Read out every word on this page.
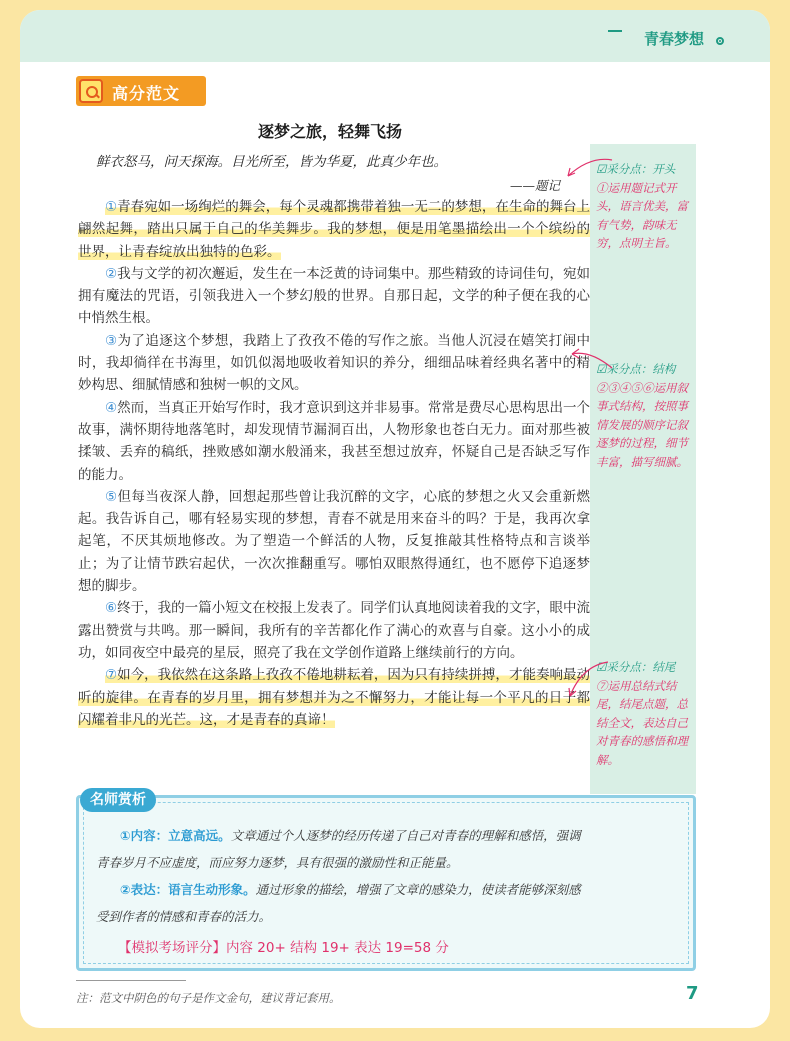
青春梦想
高分范文
逐梦之旅，轻舞飞扬
鲜衣怒马，问天探海。目光所至，皆为华夏，此真少年也。
——题记

①青春宛如一场绚烂的舞会，每个灵魂都携带着独一无二的梦想，在生命的舞台上翩然起舞，踏出只属于自己的华美舞步。我的梦想，便是用笔墨描绘出一个个缤纷的世界，让青春绽放出独特的色彩。

②我与文学的初次邂逅，发生在一本泛黄的诗词集中。那些精致的诗词佳句，宛如拥有魔法的咒语，引领我进入一个梦幻般的世界。自那日起，文学的种子便在我的心中悄然生根。

③为了追逐这个梦想，我踏上了孜孜不倦的写作之旅。当他人沉浸在嬉笑打闹中时，我却徜徉在书海里，如饥似渴地吸收着知识的养分，细细品味着经典名著中的精妙构思、细腻情感和独树一帜的文风。

④然而，当真正开始写作时，我才意识到这并非易事。常常是费尽心思构思出一个故事，满怀期待地落笔时，却发现情节漏洞百出，人物形象也苍白无力。面对那些被揉皱、丢弃的稿纸，挫败感如潮水般涌来，我甚至想过放弃，怀疑自己是否缺乏写作的能力。

⑤但每当夜深人静，回想起那些曾让我沉醉的文字，心底的梦想之火又会重新燃起。我告诉自己，哪有轻易实现的梦想，青春不就是用来奋斗的吗？于是，我再次拿起笔，不厌其烦地修改。为了塑造一个鲜活的人物，反复推敲其性格特点和言谈举止；为了让情节跌宕起伏，一次次推翻重写。哪怕双眼熬得通红，也不愿停下追逐梦想的脚步。

⑥终于，我的一篇小短文在校报上发表了。同学们认真地阅读着我的文字，眼中流露出赞赏与共鸣。那一瞬间，我所有的辛苦都化作了满心的欢喜与自豪。这小小的成功，如同夜空中最亮的星辰，照亮了我在文学创作道路上继续前行的方向。

⑦如今，我依然在这条路上孜孜不倦地耕耘着，因为只有持续拼搏，才能奏响最动听的旋律。在青春的岁月里，拥有梦想并为之不懈努力，才能让每一个平凡的日子都闪耀着非凡的光芒。这，才是青春的真谛！

☑采分点：开头
①运用题记式开头，语言优美，富有气势，韵味无穷，点明主旨。
☑采分点：结构
②③④⑤⑥运用叙事式结构，按照事情发展的顺序记叙逐梦的过程，细节丰富，描写细腻。
☑采分点：结尾
⑦运用总结式结尾，结尾点题，总结全文，表达自己对青春的感悟和理解。
名师赏析
①内容：立意高远。文章通过个人逐梦的经历传递了自己对青春的理解和感悟，强调
青春岁月不应虚度，而应努力逐梦，具有很强的激励性和正能量。
②表达：语言生动形象。通过形象的描绘，增强了文章的感染力，使读者能够深刻感
受到作者的情感和青春的活力。
【模拟考场评分】内容 20+ 结构 19+ 表达 19=58 分
注：范文中阴色的句子是作文金句，建议背记套用。	7
